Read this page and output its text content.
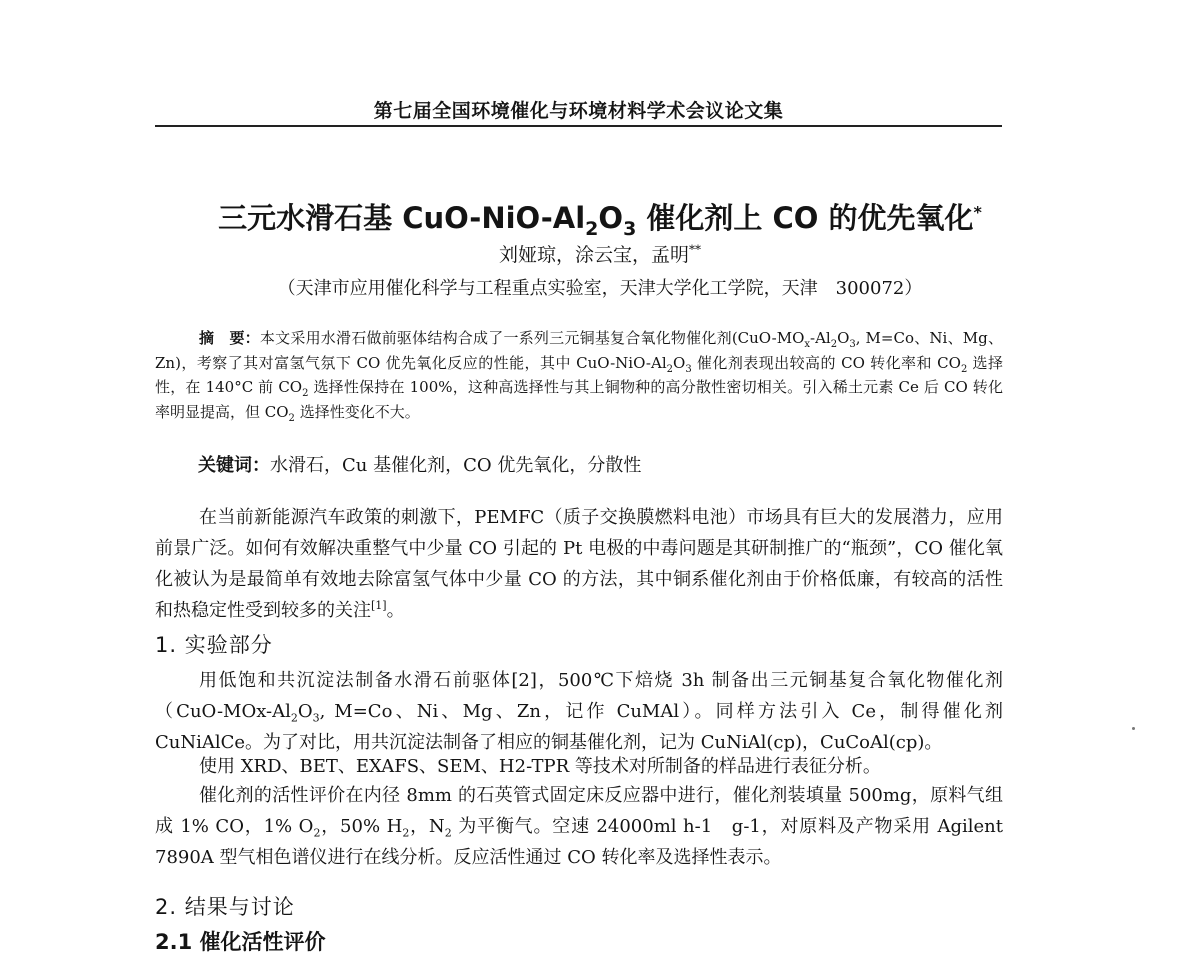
第七届全国环境催化与环境材料学术会议论文集
三元水滑石基 CuO-$NiO-Al_2O_3$ 催化剂上 CO 的优先氧化*
刘娅琼，涂云宝，孟明**
（天津市应用催化科学与工程重点实验室，天津大学化工学院，天津　300072）
摘　要：本文采用水滑石做前驱体结构合成了一系列三元铜基复合氧化物催化剂($CuO-MO_x-Al_2O_3$, M=Co、Ni、Mg、Zn)，考察了其对富氢气氛下 CO 优先氧化反应的性能，其中 CuO-$NiO-Al_2O_3$ 催化剂表现出较高的 CO 转化率和 $CO_2$ 选择性，在 140°C 前 $CO_2$ 选择性保持在 100%，这种高选择性与其上铜物种的高分散性密切相关。引入稀土元素 Ce 后 CO 转化率明显提高，但 $CO_2$ 选择性变化不大。
关键词：水滑石，Cu 基催化剂，CO 优先氧化，分散性
在当前新能源汽车政策的刺激下，PEMFC（质子交换膜燃料电池）市场具有巨大的发展潜力，应用前景广泛。如何有效解决重整气中少量 CO 引起的 Pt 电极的中毒问题是其研制推广的“瓶颈”，CO 催化氧化被认为是最简单有效地去除富氢气体中少量 CO 的方法，其中铜系催化剂由于价格低廉，有较高的活性和热稳定性受到较多的关注[1]。
1. 实验部分
用低饱和共沉淀法制备水滑石前驱体[2]，500℃下焙烧 3h 制备出三元铜基复合氧化物催化剂（$CuO-MOx-Al_2O_3$, M=Co、Ni、Mg、Zn，记作 CuMAl）。同样方法引入 Ce，制得催化剂 CuNiAlCe。为了对比，用共沉淀法制备了相应的铜基催化剂，记为 CuNiAl(cp)，CuCoAl(cp)。
使用 XRD、BET、EXAFS、SEM、H2-TPR 等技术对所制备的样品进行表征分析。
催化剂的活性评价在内径 8mm 的石英管式固定床反应器中进行，催化剂装填量 500mg，原料气组成 1% CO，1% $O_2$，50% $H_2$，$N_2$ 为平衡气。空速 24000ml h-1　g-1，对原料及产物采用 Agilent 7890A 型气相色谱仪进行在线分析。反应活性通过 CO 转化率及选择性表示。
2. 结果与讨论
2.1 催化活性评价
